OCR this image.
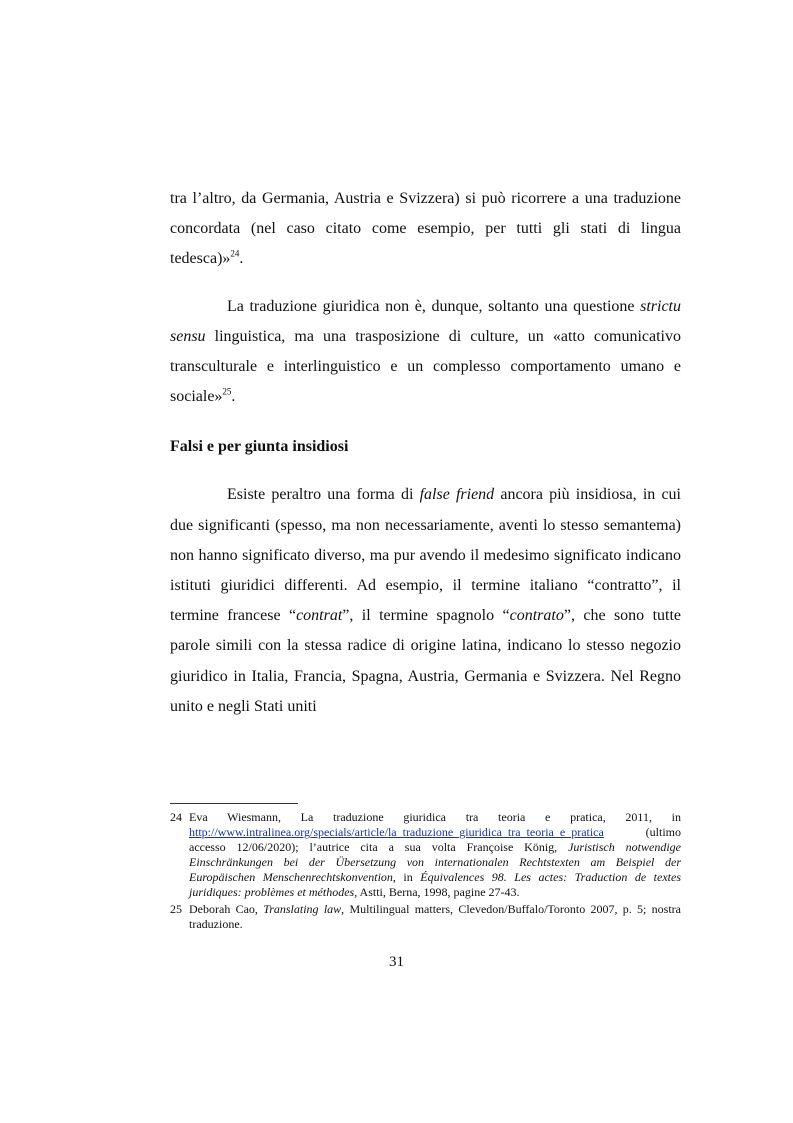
tra l’altro, da Germania, Austria e Svizzera) si può ricorrere a una traduzione concordata (nel caso citato come esempio, per tutti gli stati di lingua tedesca)»$^{24}$.

La traduzione giuridica non è, dunque, soltanto una questione strictu sensu linguistica, ma una trasposizione di culture, un «atto comunicativo transculturale e interlinguistico e un complesso comportamento umano e sociale»$^{25}$.

Falsi e per giunta insidiosi

Esiste peraltro una forma di false friend ancora più insidiosa, in cui due significanti (spesso, ma non necessariamente, aventi lo stesso semantema) non hanno significato diverso, ma pur avendo il medesimo significato indicano istituti giuridici differenti. Ad esempio, il termine italiano “contratto”, il termine francese “contrat”, il termine spagnolo “contrato”, che sono tutte parole simili con la stessa radice di origine latina, indicano lo stesso negozio giuridico in Italia, Francia, Spagna, Austria, Germania e Svizzera. Nel Regno unito e negli Stati uniti

24 Eva Wiesmann, La traduzione giuridica tra teoria e pratica, 2011, in http://www.intralinea.org/specials/article/la_traduzione_giuridica_tra_teoria_e_pratica (ultimo accesso 12/06/2020); l’autrice cita a sua volta Françoise König, Juristisch notwendige Einschränkungen bei der Übersetzung von internationalen Rechtstexten am Beispiel der Europäischen Menschenrechtskonvention, in Équivalences 98. Les actes: Traduction de textes juridiques: problèmes et méthodes, Astti, Berna, 1998, pagine 27-43.
25 Deborah Cao, Translating law, Multilingual matters, Clevedon/Buffalo/Toronto 2007, p. 5; nostra traduzione.
31
